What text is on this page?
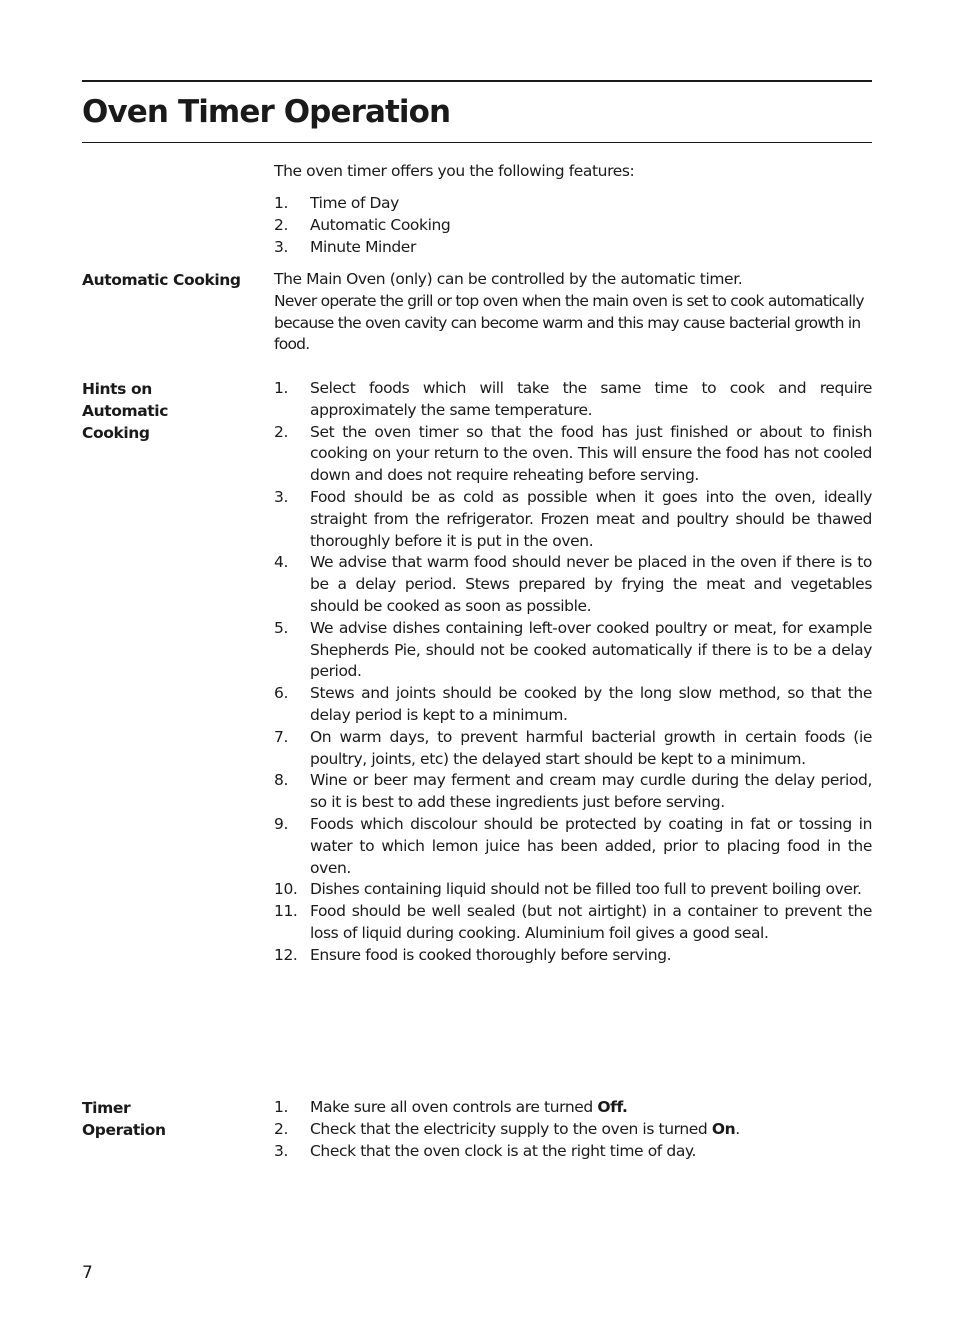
Oven Timer Operation

The oven timer offers you the following features:

1.	Time of Day
2.	Automatic Cooking
3.	Minute Minder

Automatic Cooking	The Main Oven (only) can be controlled by the automatic timer.
Never operate the grill or top oven when the main oven is set to cook automatically because the oven cavity can become warm and this may cause bacterial growth in food.
Hints on
Automatic
Cooking
1.	Select foods which will take the same time to cook and require approximately the same temperature.
2.	Set the oven timer so that the food has just finished or about to finish cooking on your return to the oven. This will ensure the food has not cooled down and does not require reheating before serving.
3.	Food should be as cold as possible when it goes into the oven, ideally straight from the refrigerator. Frozen meat and poultry should be thawed thoroughly before it is put in the oven.
4.	We advise that warm food should never be placed in the oven if there is to be a delay period. Stews prepared by frying the meat and vegetables should be cooked as soon as possible.
5.	We advise dishes containing left-over cooked poultry or meat, for example Shepherds Pie, should not be cooked automatically if there is to be a delay period.
6.	Stews and joints should be cooked by the long slow method, so that the delay period is kept to a minimum.
7.	On warm days, to prevent harmful bacterial growth in certain foods (ie poultry, joints, etc) the delayed start should be kept to a minimum.
8.	Wine or beer may ferment and cream may curdle during the delay period, so it is best to add these ingredients just before serving.
9.	Foods which discolour should be protected by coating in fat or tossing in water to which lemon juice has been added, prior to placing food in the oven.
10. Dishes containing liquid should not be filled too full to prevent boiling over.
11. Food should be well sealed (but not airtight) in a container to prevent the loss of liquid during cooking. Aluminium foil gives a good seal.
12. Ensure food is cooked thoroughly before serving.
Timer
Operation
1.	Make sure all oven controls are turned Off.
2.	Check that the electricity supply to the oven is turned On.
3.	Check that the oven clock is at the right time of day.
7
